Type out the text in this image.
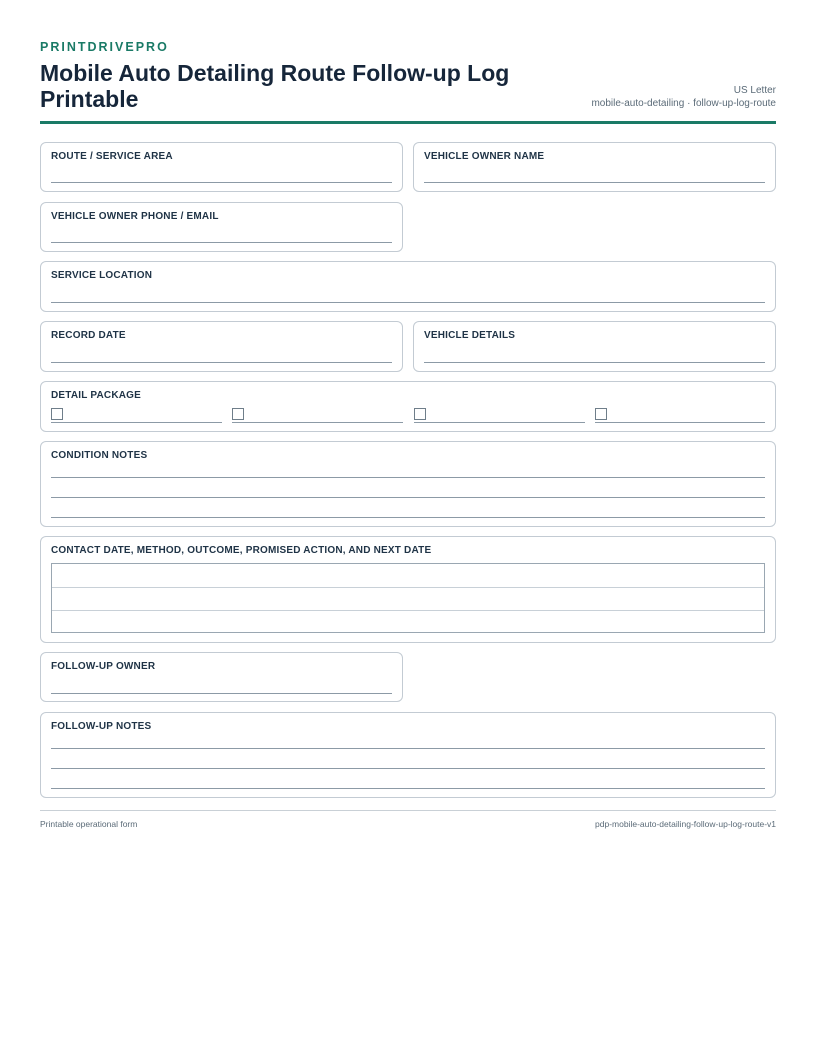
PRINTDRIVEPRO
Mobile Auto Detailing Route Follow-up Log Printable	US Letter
mobile-auto-detailing · follow-up-log-route
ROUTE / SERVICE AREA	VEHICLE OWNER NAME
VEHICLE OWNER PHONE / EMAIL
SERVICE LOCATION
RECORD DATE	VEHICLE DETAILS
DETAIL PACKAGE
CONDITION NOTES
CONTACT DATE, METHOD, OUTCOME, PROMISED ACTION, AND NEXT DATE
FOLLOW-UP OWNER
FOLLOW-UP NOTES
Printable operational form	pdp-mobile-auto-detailing-follow-up-log-route-v1
